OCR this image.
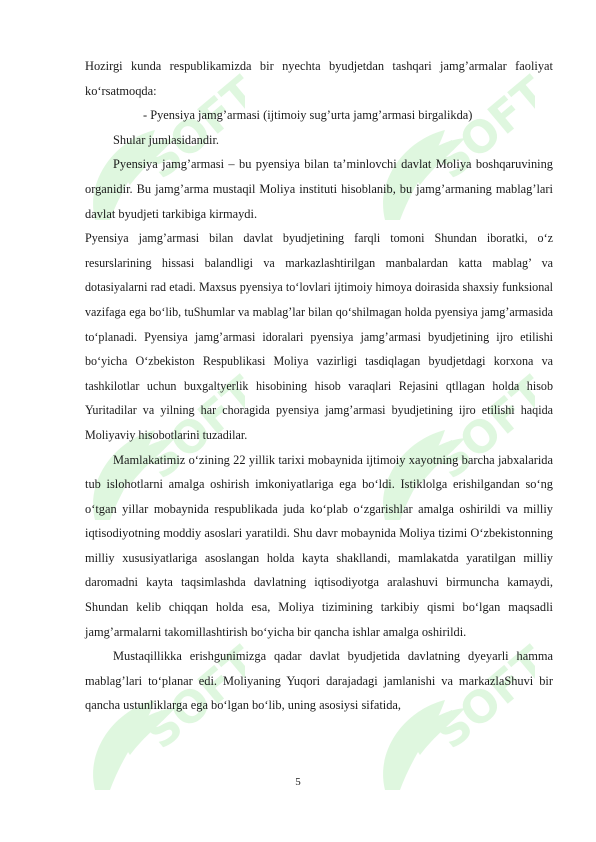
SOFT	SOFT
SOFT	SOFT
SOFT	SOFT

Hozirgi kunda respublikamizda bir nyechta byudjetdan tashqari jamg’armalar faoliyat ko‘rsatmoqda:

- Pyensiya jamg’armasi (ijtimoiy sug’urta jamg’armasi birgalikda)

Shular jumlasidandir.

Pyensiya jamg’armasi – bu pyensiya bilan ta’minlovchi davlat Moliya boshqaruvining organidir. Bu jamg’arma mustaqil Moliya instituti hisoblanib, bu jamg’armaning mablag’lari davlat byudjeti tarkibiga kirmaydi.

Pyensiya jamg’armasi bilan davlat byudjetining farqli tomoni Shundan iboratki, o‘z resurslarining hissasi balandligi va markazlashtirilgan manbalardan katta mablag’ va dotasiyalarni rad etadi. Maxsus pyensiya to‘lovlari ijtimoiy himoya doirasida shaxsiy funksional vazifaga ega bo‘lib, tuShumlar va mablag’lar bilan qo‘shilmagan holda pyensiya jamg’armasida to‘planadi. Pyensiya jamg’armasi idoralari pyensiya jamg’armasi byudjetining ijro etilishi bo‘yicha O‘zbekiston Respublikasi Moliya vazirligi tasdiqlagan byudjetdagi korxona va tashkilotlar uchun buxgaltyerlik hisobining hisob varaqlari Rejasini qtllagan holda hisob Yuritadilar va yilning har choragida pyensiya jamg’armasi byudjetining ijro etilishi haqida Moliyaviy hisobotlarini tuzadilar.

Mamlakatimiz o‘zining 22 yillik tarixi mobaynida ijtimoiy xayotning barcha jabxalarida tub islohotlarni amalga oshirish imkoniyatlariga ega bo‘ldi. Istiklolga erishilgandan so‘ng o‘tgan yillar mobaynida respublikada juda ko‘plab o‘zgarishlar amalga oshirildi va milliy iqtisodiyotning moddiy asoslari yaratildi. Shu davr mobaynida Moliya tizimi O‘zbekistonning milliy xususiyatlariga asoslangan holda kayta shakllandi, mamlakatda yaratilgan milliy daromadni kayta taqsimlashda davlatning iqtisodiyotga aralashuvi birmuncha kamaydi, Shundan kelib chiqqan holda esa, Moliya tizimining tarkibiy qismi bo‘lgan maqsadli jamg’armalarni takomillashtirish bo‘yicha bir qancha ishlar amalga oshirildi.

Mustaqillikka erishgunimizga qadar davlat byudjetida davlatning dyeyarli hamma mablag’lari to‘planar edi. Moliyaning Yuqori darajadagi jamlanishi va markazlaShuvi bir qancha ustunliklarga ega bo‘lgan bo‘lib, uning asosiysi sifatida,

5
